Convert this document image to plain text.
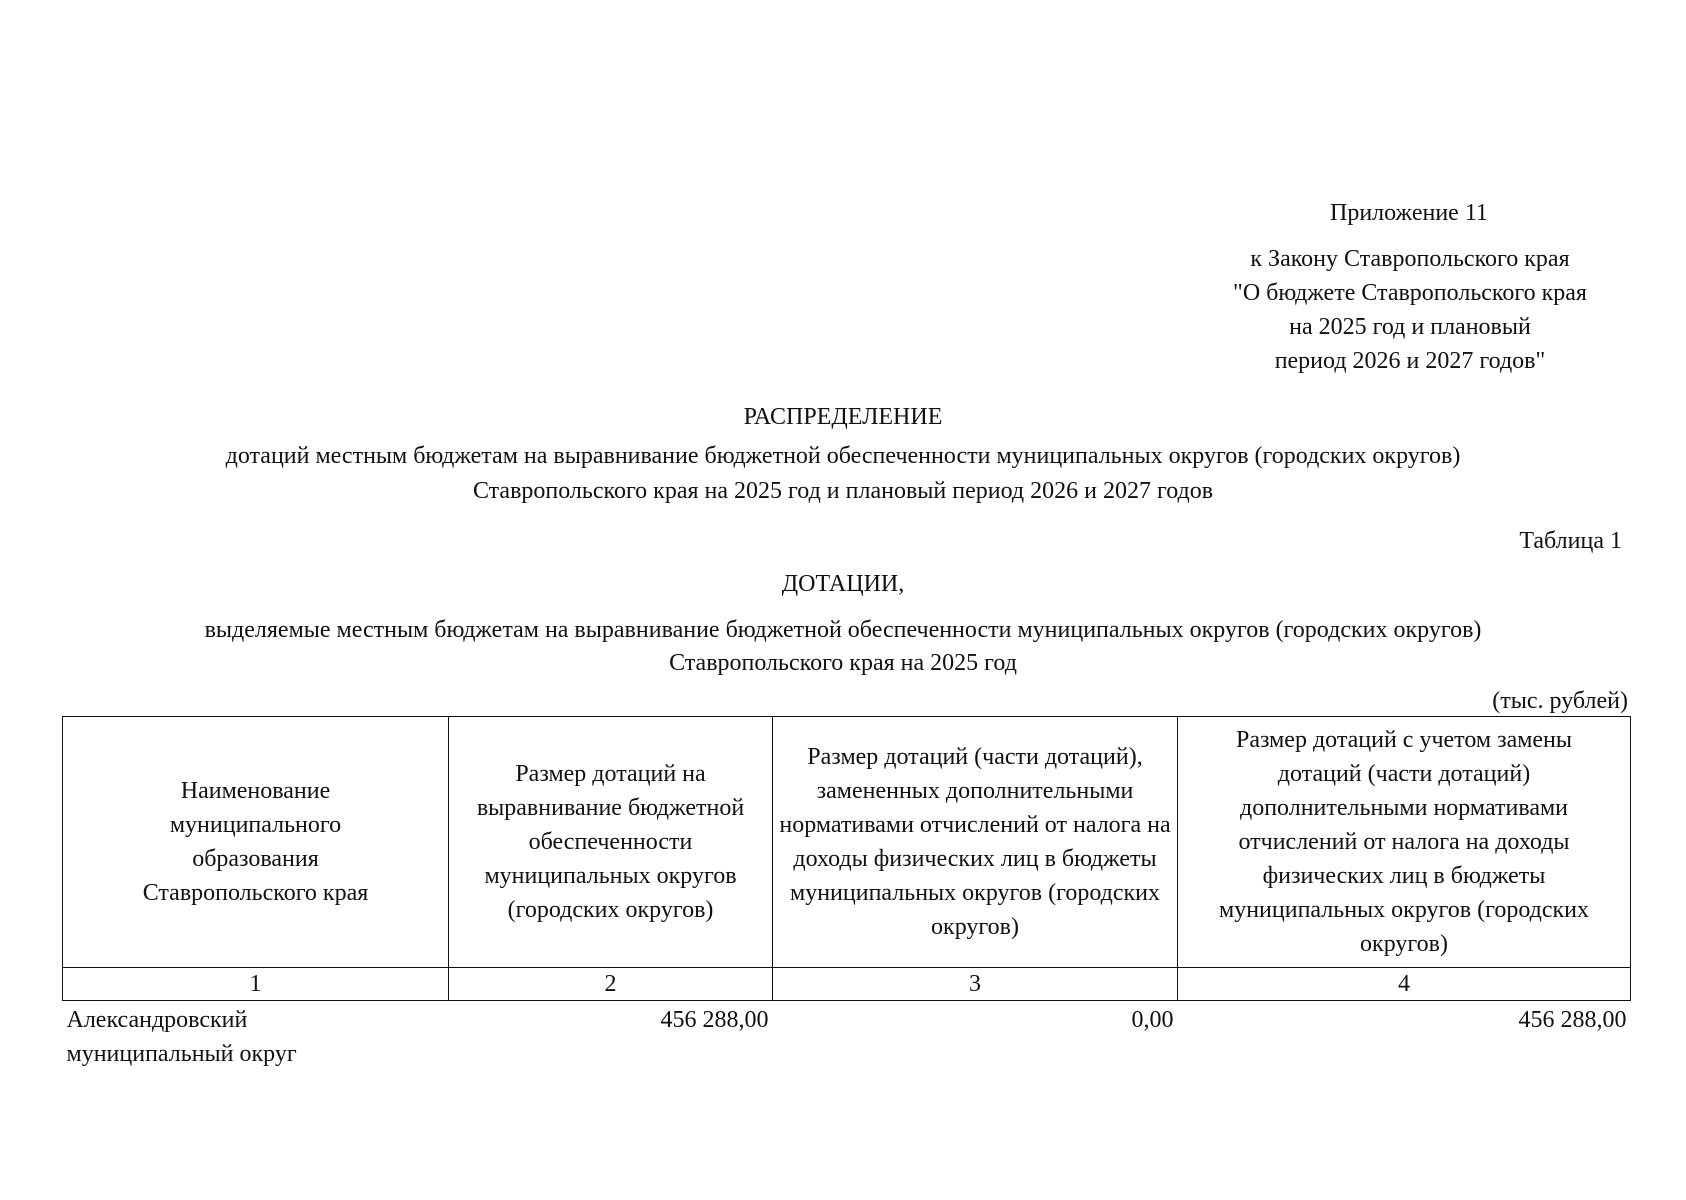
Приложение 11
к Закону Ставропольского края
"О бюджете Ставропольского края
на 2025 год и плановый
период 2026 и 2027 годов"
РАСПРЕДЕЛЕНИЕ
дотаций местным бюджетам на выравнивание бюджетной обеспеченности муниципальных округов (городских округов)
Ставропольского края на 2025 год и плановый период 2026 и 2027 годов
Таблица 1
ДОТАЦИИ,
выделяемые местным бюджетам на выравнивание бюджетной обеспеченности муниципальных округов (городских округов)
Ставропольского края на 2025 год
(тыс. рублей)
Наименование муниципального образования Ставропольского края	Размер дотаций на выравнивание бюджетной обеспеченности муниципальных округов (городских округов)	Размер дотаций (части дотаций), замененных дополнительными нормативами отчислений от налога на доходы физических лиц в бюджеты муниципальных округов (городских округов)	Размер дотаций с учетом замены дотаций (части дотаций) дополнительными нормативами отчислений от налога на доходы физических лиц в бюджеты муниципальных округов (городских округов)
1	2	3	4
Александровский муниципальный округ	456 288,00	0,00	456 288,00
